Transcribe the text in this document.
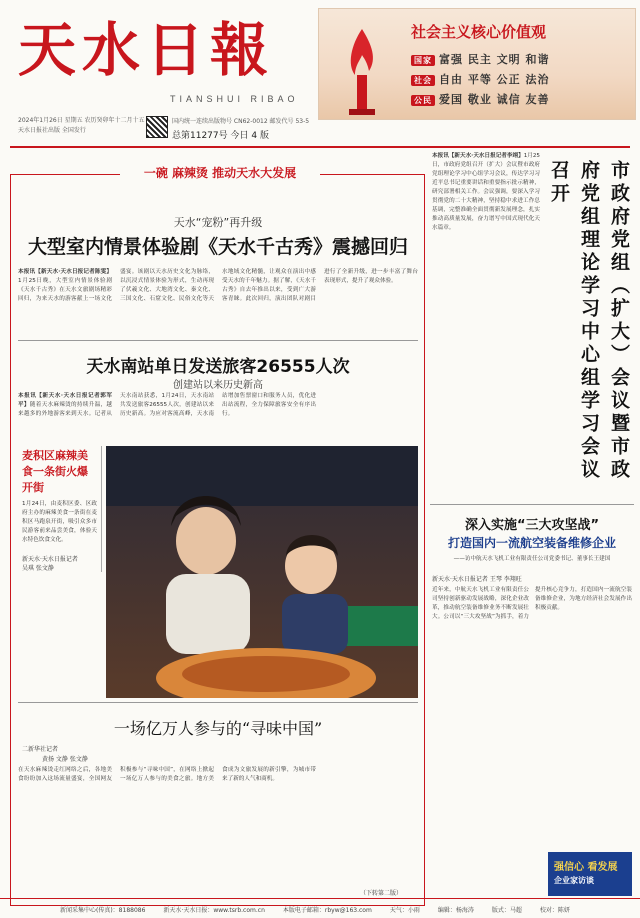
天水日報
TIANSHUI RIBAO
社会主义核心价值观
国家 富强 民主 文明 和谐
社会 自由 平等 公正 法治
公民 爱国 敬业 诚信 友善
2024年1月26日 星期五 农历癸卯年十二月十五
天水日报社出版 全国发行
国内统一连续出版物号 CN62-0012 邮发代号 53-5
总第11277号 今日 4 版
一碗 麻辣烫 推动天水大发展
天水“宠粉”再升级
大型室内情景体验剧《天水千古秀》震撼回归
本报讯【新天水·天水日报记者陈雯】1月25日晚，大型室内情景体验剧《天水千古秀》在天水文旅剧场精彩回归，为来天水的游客献上一场文化盛宴。该剧以天水历史文化为脉络，以沉浸式情景体验为形式，生动再现了伏羲文化、大地湾文化、秦文化、三国文化、石窟文化、民俗文化等天水地域文化精髓，让观众在演出中感受天水的千年魅力。据了解，《天水千古秀》自去年推出以来，受到广大游客青睐。此次回归，演出团队对剧目进行了全新升级，进一步丰富了舞台表现形式，提升了观众体验。
天水南站单日发送旅客26555人次
创建站以来历史新高
本报讯【新天水·天水日报记者郭军平】随着天水麻辣烫的持续升温，越来越多的外地游客来到天水。记者从天水南站获悉，1月24日，天水南站共发送旅客26555人次，创建站以来历史新高。为应对客流高峰，天水南站增加售票窗口和服务人员，优化进出站流程，全力保障旅客安全有序出行。
麦积区麻辣美食一条街火爆开街
1月24日，由麦积区委、区政府主办的麻辣美食一条街在麦积区马跑泉开街，吸引众多市民游客前来品尝美食，体验天水特色饮食文化。
新天水·天水日报记者
吴琪 张文静
一场亿万人参与的“寻味中国”
二新华社记者
黄扬 文静 张文静
在天水麻辣烫走红网络之后，各地美食纷纷加入这场流量盛宴，全国网友积极参与“寻味中国”，在网络上掀起一场亿万人参与的美食之旅。地方美食成为文旅发展的新引擎，为城市带来了新的人气和商机。
（下转第二版）
本报讯【新天水·天水日报记者李翊】1月25日，市政府党组召开（扩大）会议暨市政府党组理论学习中心组学习会议，传达学习习近平总书记重要讲话和重要指示批示精神，研究部署相关工作。会议强调，要深入学习贯彻党的二十大精神，坚持稳中求进工作总基调，完整准确全面贯彻新发展理念，扎实推动高质量发展，奋力谱写中国式现代化天水篇章。	市政府党组（扩大）会议暨市政府党组理论学习中心组学习会议召开
深入实施“三大攻坚战”
打造国内一流航空装备维修企业
——访中航天水飞机工业有限责任公司党委书记、董事长王建国
新天水·天水日报记者 王琴 李翔旺
近年来，中航天水飞机工业有限责任公司坚持创新驱动发展战略，深化企业改革，推动航空装备维修业务不断发展壮大。公司以“三大攻坚战”为抓手，着力提升核心竞争力，打造国内一流航空装备维修企业，为地方经济社会发展作出积极贡献。
强信心 看发展
企业家访谈
新闻采集中心(传真)：8188086	新天水·天水日报：www.tsrb.com.cn	本版电子邮箱：rbyw@163.com	天气：小雨	编辑：杨海涛	版式：马超	校对：陈妍
